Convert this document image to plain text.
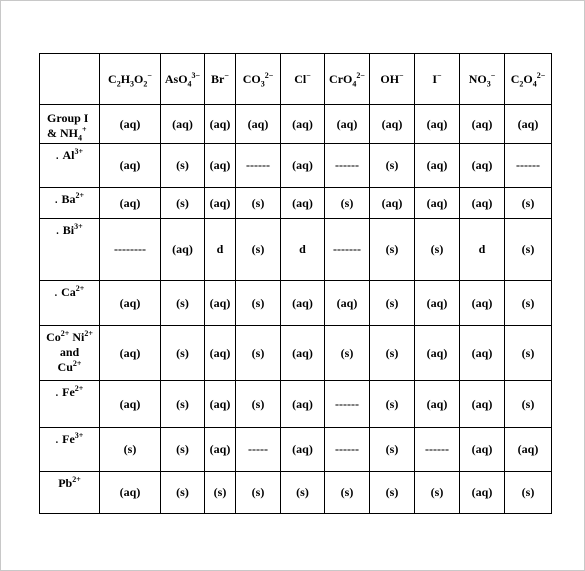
	$C_2H_3O_2^-$	AsO$_4^{3-}$	Br−	$CO_3^{2-}$	Cl−	CrO$_4^{2-}$	OH−	I−	$NO_3^-$	$C_2O_4^{2-}$

Group I
& $NH_4^+$	(aq)	(aq)	(aq)	(aq)	(aq)	(aq)	(aq)	(aq)	(aq)	(aq)
. $Al^{3+}$	(aq)	(s)	(aq)	------	(aq)	------	(s)	(aq)	(aq)	------
. $Ba^{2+}$	(aq)	(s)	(aq)	(s)	(aq)	(s)	(aq)	(aq)	(aq)	(s)
. $Bi^{3+}$	--------	(aq)	d	(s)	d	-------	(s)	(s)	d	(s)
. $Ca^{2+}$	(aq)	(s)	(aq)	(s)	(aq)	(aq)	(s)	(aq)	(aq)	(s)

$Co^{2+}$ $Ni^{2+}$
and
$Cu^{2+}$	(aq)	(s)	(aq)	(s)	(aq)	(s)	(s)	(aq)	(aq)	(s)
. $Fe^{2+}$	(aq)	(s)	(aq)	(s)	(aq)	------	(s)	(aq)	(aq)	(s)
. $Fe^{3+}$	(s)	(s)	(aq)	-----	(aq)	------	(s)	------	(aq)	(aq)

$Pb^{2+}$	(aq)	(s)	(s)	(s)	(s)	(s)	(s)	(s)	(aq)	(s)
